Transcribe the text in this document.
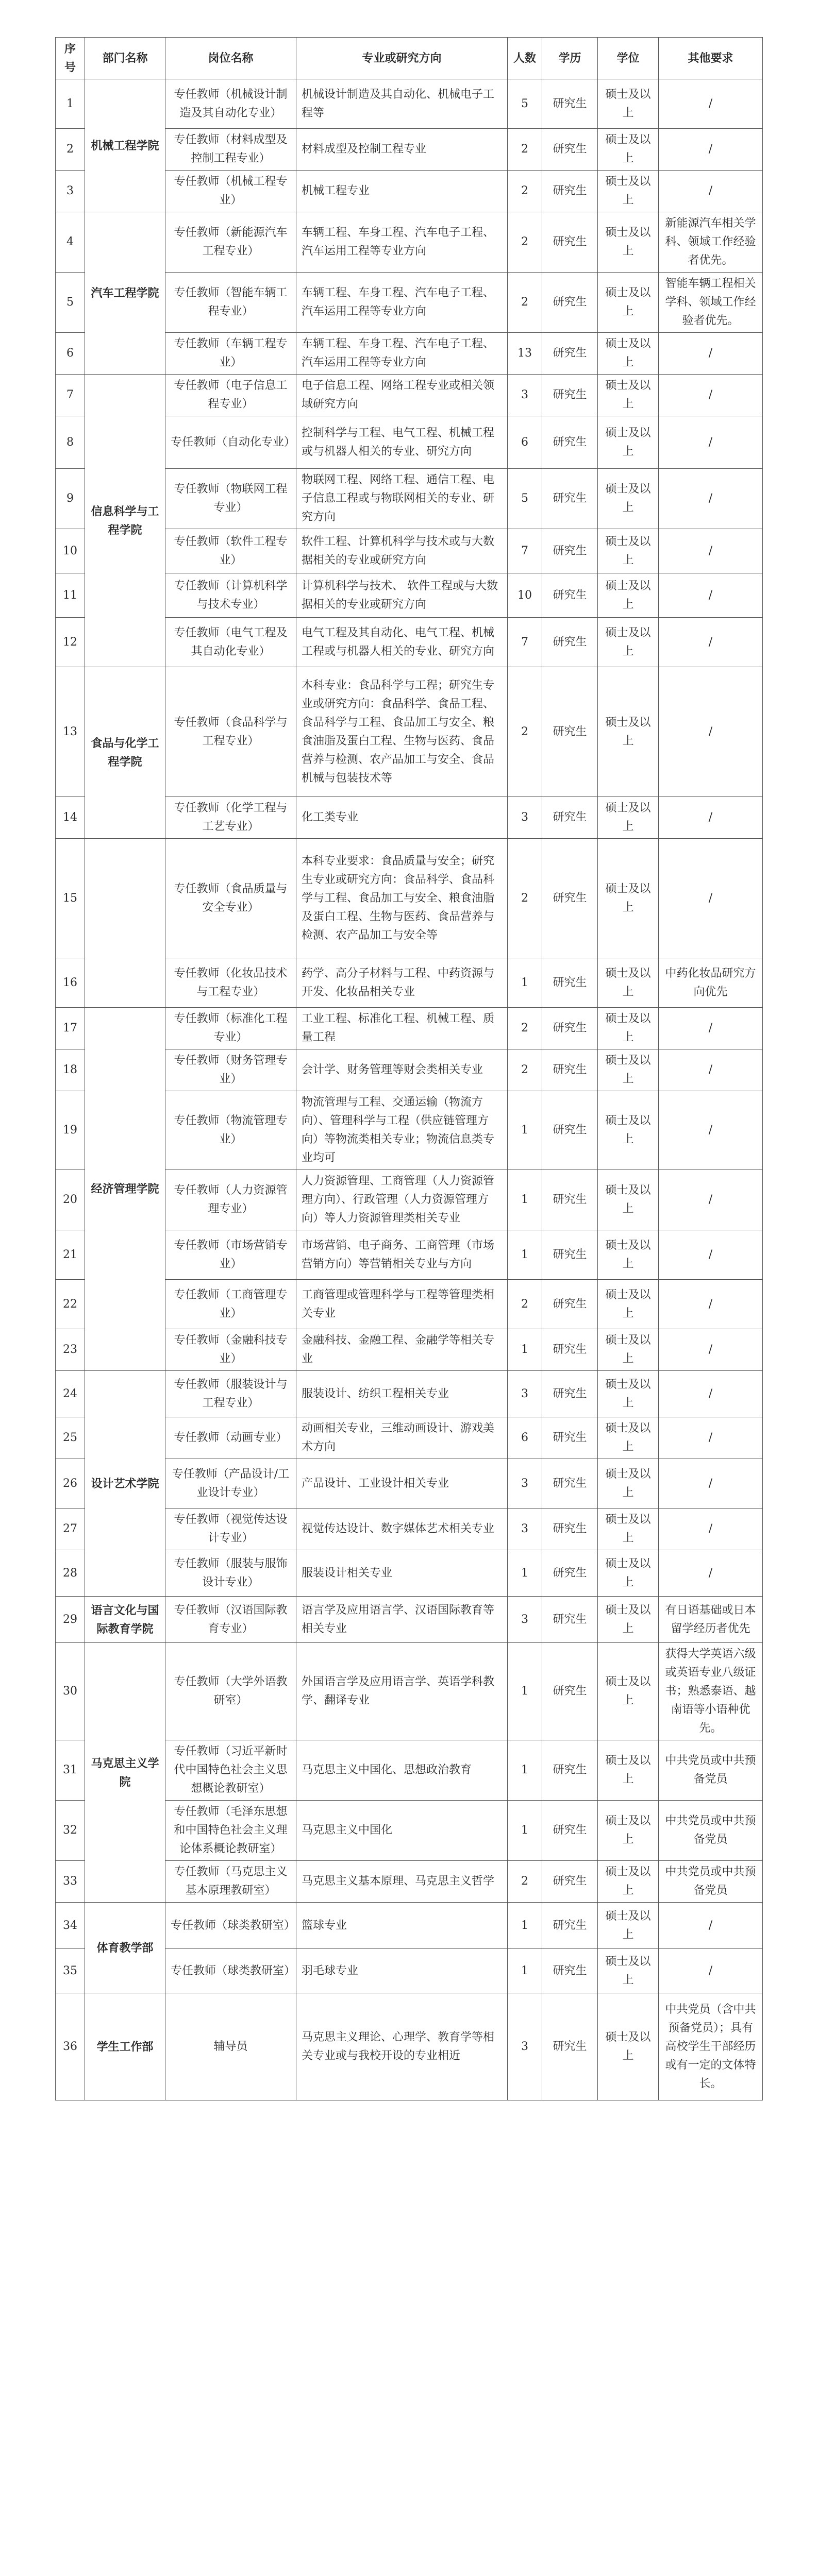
序号	部门名称	岗位名称	专业或研究方向	人数	学历	学位	其他要求
1	机械工程学院	专任教师（机械设计制造及其自动化专业）	机械设计制造及其自动化、机械电子工程等	5	研究生	硕士及以上	/
2		专任教师（材料成型及控制工程专业）	材料成型及控制工程专业	2	研究生	硕士及以上	/
3		专任教师（机械工程专业）	机械工程专业	2	研究生	硕士及以上	/
4	汽车工程学院	专任教师（新能源汽车工程专业）	车辆工程、车身工程、汽车电子工程、汽车运用工程等专业方向	2	研究生	硕士及以上	新能源汽车相关学科、领域工作经验者优先。
5		专任教师（智能车辆工程专业）	车辆工程、车身工程、汽车电子工程、汽车运用工程等专业方向	2	研究生	硕士及以上	智能车辆工程相关学科、领域工作经验者优先。
6		专任教师（车辆工程专业）	车辆工程、车身工程、汽车电子工程、汽车运用工程等专业方向	13	研究生	硕士及以上	/
7	信息科学与工程学院	专任教师（电子信息工程专业）	电子信息工程、网络工程专业或相关领域研究方向	3	研究生	硕士及以上	/
8		专任教师（自动化专业）	控制科学与工程、电气工程、机械工程或与机器人相关的专业、研究方向	6	研究生	硕士及以上	/
9		专任教师（物联网工程专业）	物联网工程、网络工程、通信工程、电子信息工程或与物联网相关的专业、研究方向	5	研究生	硕士及以上	/
10		专任教师（软件工程专业）	软件工程、计算机科学与技术或与大数据相关的专业或研究方向	7	研究生	硕士及以上	/
11		专任教师（计算机科学与技术专业）	计算机科学与技术、 软件工程或与大数据相关的专业或研究方向	10	研究生	硕士及以上	/
12		专任教师（电气工程及其自动化专业）	电气工程及其自动化、电气工程、机械工程或与机器人相关的专业、研究方向	7	研究生	硕士及以上	/
13	食品与化学工程学院	专任教师（食品科学与工程专业）	本科专业：食品科学与工程；研究生专业或研究方向：食品科学、食品工程、食品科学与工程、食品加工与安全、粮食油脂及蛋白工程、生物与医药、食品营养与检测、农产品加工与安全、食品机械与包装技术等	2	研究生	硕士及以上	/
14		专任教师（化学工程与工艺专业）	化工类专业	3	研究生	硕士及以上	/
15		专任教师（食品质量与安全专业）	本科专业要求：食品质量与安全；研究生专业或研究方向：食品科学、食品科学与工程、食品加工与安全、粮食油脂及蛋白工程、生物与医药、食品营养与检测、农产品加工与安全等	2	研究生	硕士及以上	/
16		专任教师（化妆品技术与工程专业）	药学、高分子材料与工程、中药资源与开发、化妆品相关专业	1	研究生	硕士及以上	中药化妆品研究方向优先
17	经济管理学院	专任教师（标准化工程专业）	工业工程、标准化工程、机械工程、质量工程	2	研究生	硕士及以上	/
18		专任教师（财务管理专业）	会计学、财务管理等财会类相关专业	2	研究生	硕士及以上	/
19		专任教师（物流管理专业）	物流管理与工程、交通运输（物流方向）、管理科学与工程（供应链管理方向）等物流类相关专业；物流信息类专业均可	1	研究生	硕士及以上	/
20		专任教师（人力资源管理专业）	人力资源管理、工商管理（人力资源管理方向）、行政管理（人力资源管理方向）等人力资源管理类相关专业	1	研究生	硕士及以上	/
21		专任教师（市场营销专业）	市场营销、电子商务、工商管理（市场营销方向）等营销相关专业与方向	1	研究生	硕士及以上	/
22		专任教师（工商管理专业）	工商管理或管理科学与工程等管理类相关专业	2	研究生	硕士及以上	/
23		专任教师（金融科技专业）	金融科技、金融工程、金融学等相关专业	1	研究生	硕士及以上	/
24	设计艺术学院	专任教师（服装设计与工程专业）	服装设计、纺织工程相关专业	3	研究生	硕士及以上	/
25		专任教师（动画专业）	动画相关专业，三维动画设计、游戏美术方向	6	研究生	硕士及以上	/
26		专任教师（产品设计/工业设计专业）	产品设计、工业设计相关专业	3	研究生	硕士及以上	/
27		专任教师（视觉传达设计专业）	视觉传达设计、数字媒体艺术相关专业	3	研究生	硕士及以上	/
28		专任教师（服装与服饰设计专业）	服装设计相关专业	1	研究生	硕士及以上	/
29	语言文化与国际教育学院	专任教师（汉语国际教育专业）	语言学及应用语言学、汉语国际教育等相关专业	3	研究生	硕士及以上	有日语基础或日本留学经历者优先
30	马克思主义学院	专任教师（大学外语教研室）	外国语言学及应用语言学、英语学科教学、翻译专业	1	研究生	硕士及以上	获得大学英语六级或英语专业八级证书；熟悉泰语、越南语等小语种优先。
31		专任教师（习近平新时代中国特色社会主义思想概论教研室）	马克思主义中国化、思想政治教育	1	研究生	硕士及以上	中共党员或中共预备党员
32		专任教师（毛泽东思想和中国特色社会主义理论体系概论教研室）	马克思主义中国化	1	研究生	硕士及以上	中共党员或中共预备党员
33		专任教师（马克思主义基本原理教研室）	马克思主义基本原理、马克思主义哲学	2	研究生	硕士及以上	中共党员或中共预备党员
34	体育教学部	专任教师（球类教研室）	篮球专业	1	研究生	硕士及以上	/
35		专任教师（球类教研室）	羽毛球专业	1	研究生	硕士及以上	/
36	学生工作部	辅导员	马克思主义理论、心理学、教育学等相关专业或与我校开设的专业相近	3	研究生	硕士及以上	中共党员（含中共预备党员）；具有高校学生干部经历或有一定的文体特长。
